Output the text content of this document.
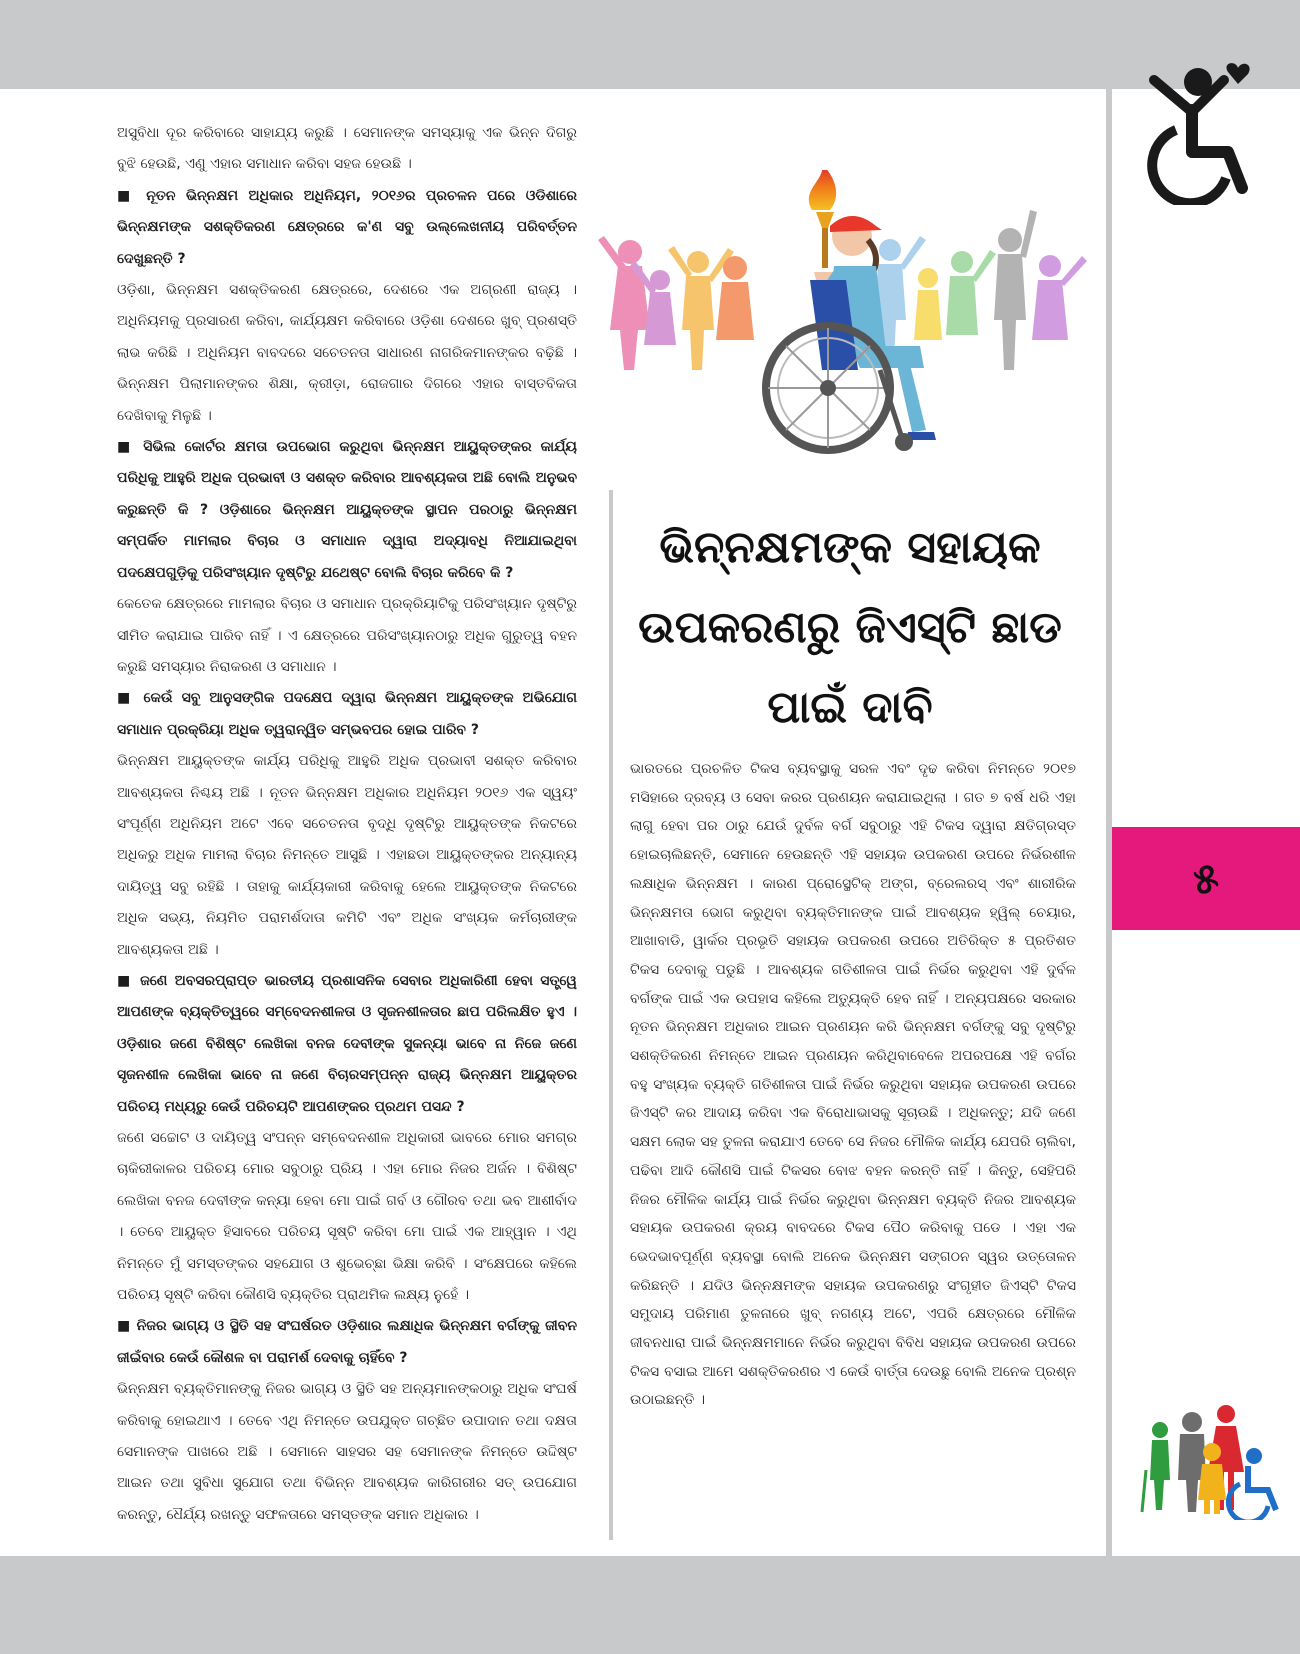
ଅସୁବିଧା ଦୂର କରିବାରେ ସାହାଯ୍ୟ କରୁଛି । ସେମାନଙ୍କ ସମସ୍ୟାକୁ ଏକ ଭିନ୍ନ ଦିଗରୁ ବୁଝି ହେଉଛି, ଏଣୁ ଏହାର ସମାଧାନ କରିବା ସହଜ ହେଉଛି ।

■ ନୂତନ ଭିନ୍ନକ୍ଷମ ଅଧିକାର ଅଧିନିୟମ, ୨୦୧୬ର ପ୍ରଚଳନ ପରେ ଓଡିଶାରେ ଭିନ୍ନକ୍ଷମଙ୍କ ସଶକ୍ତିକରଣ କ୍ଷେତ୍ରରେ କ'ଣ ସବୁ ଉଲ୍ଲେଖନୀୟ ପରିବର୍ତ୍ତନ ଦେଖୁଛନ୍ତି ?

ଓଡ଼ିଶା, ଭିନ୍ନକ୍ଷମ ସଶକ୍ତିକରଣ କ୍ଷେତ୍ରରେ, ଦେଶରେ ଏକ ଅଗ୍ରଣୀ ରାଜ୍ୟ । ଅଧିନିୟମକୁ ପ୍ରସାରଣ କରିବା, କାର୍ଯ୍ୟକ୍ଷମ କରିବାରେ ଓଡ଼ିଶା ଦେଶରେ ଖୁବ୍ ପ୍ରଶସ୍ତି ଲାଭ କରିଛି । ଅଧିନିୟମ ବାବଦରେ ସଚେତନତା ସାଧାରଣ ନାଗରିକମାନଙ୍କର ବଢ଼ିଛି । ଭିନ୍ନକ୍ଷମ ପିଲାମାନଙ୍କର ଶିକ୍ଷା, କ୍ରୀଡ଼ା, ରୋଜଗାର ଦିଗରେ ଏହାର ବାସ୍ତବିକତା ଦେଖିବାକୁ ମିଳୁଛି ।

■ ସିଭିଲ କୋର୍ଟର କ୍ଷମତା ଉପଭୋଗ କରୁଥିବା ଭିନ୍ନକ୍ଷମ ଆୟୁକ୍ତଙ୍କର କାର୍ଯ୍ୟ ପରିଧିକୁ ଆହୁରି ଅଧିକ ପ୍ରଭାବୀ ଓ ସଶକ୍ତ କରିବାର ଆବଶ୍ୟକତା ଅଛି ବୋଲି ଅନୁଭବ କରୁଛନ୍ତି କି ? ଓଡ଼ିଶାରେ ଭିନ୍ନକ୍ଷମ ଆୟୁକ୍ତଙ୍କ ସ୍ଥାପନ ପରଠାରୁ ଭିନ୍ନକ୍ଷମ ସମ୍ପର୍କିତ ମାମଲାର ବିଚାର ଓ ସମାଧାନ ଦ୍ୱାରା ଅଦ୍ୟାବଧି ନିଆଯାଇଥିବା ପଦକ୍ଷେପଗୁଡ଼ିକୁ ପରିସଂଖ୍ୟାନ ଦୃଷ୍ଟିରୁ ଯଥେଷ୍ଟ ବୋଲି ବିଚାର କରିବେ କି ?

କେତେକ କ୍ଷେତ୍ରରେ ମାମଲାର ବିଚାର ଓ ସମାଧାନ ପ୍ରକ୍ରିୟାଟିକୁ ପରିସଂଖ୍ୟାନ ଦୃଷ୍ଟିରୁ ସୀମିତ କରାଯାଇ ପାରିବ ନାହିଁ । ଏ କ୍ଷେତ୍ରରେ ପରିସଂଖ୍ୟାନଠାରୁ ଅଧିକ ଗୁରୁତ୍ୱ ବହନ କରୁଛି ସମସ୍ୟାର ନିରାକରଣ ଓ ସମାଧାନ ।

■ କେଉଁ ସବୁ ଆନୁସଙ୍ଗିକ ପଦକ୍ଷେପ ଦ୍ୱାରା ଭିନ୍ନକ୍ଷମ ଆୟୁକ୍ତଙ୍କ ଅଭିଯୋଗ ସମାଧାନ ପ୍ରକ୍ରିୟା ଅଧିକ ତ୍ୱରାନ୍ୱିତ ସମ୍ଭବପର ହୋଇ ପାରିବ ?

ଭିନ୍ନକ୍ଷମ ଆୟୁକ୍ତଙ୍କ କାର୍ଯ୍ୟ ପରିଧିକୁ ଆହୁରି ଅଧିକ ପ୍ରଭାବୀ ସଶକ୍ତ କରିବାର ଆବଶ୍ୟକତା ନିଶ୍ଚୟ ଅଛି । ନୂତନ ଭିନ୍ନକ୍ଷମ ଅଧିକାର ଅଧିନିୟମ ୨୦୧୬ ଏକ ସ୍ୱୟଂ ସଂପୂର୍ଣ୍ଣ ଅଧିନିୟମ ଅଟେ ଏବେ ସଚେତନତା ବୃଦ୍ଧି ଦୃଷ୍ଟିରୁ ଆୟୁକ୍ତଙ୍କ ନିକଟରେ ଅଧିକରୁ ଅଧିକ ମାମଲା ବିଚାର ନିମନ୍ତେ ଆସୁଛି । ଏହାଛଡା ଆୟୁକ୍ତଙ୍କର ଅନ୍ୟାନ୍ୟ ଦାୟିତ୍ୱ ସବୁ ରହିଛି । ତାହାକୁ କାର୍ଯ୍ୟକାରୀ କରିବାକୁ ହେଲେ ଆୟୁକ୍ତଙ୍କ ନିକଟରେ ଅଧିକ ସଭ୍ୟ, ନିୟମିତ ପରାମର୍ଶଦାତା କମିଟି ଏବଂ ଅଧିକ ସଂଖ୍ୟକ କର୍ମଚାରୀଙ୍କ ଆବଶ୍ୟକତା ଅଛି ।

■ ଜଣେ ଅବସରପ୍ରାପ୍ତ ଭାରତୀୟ ପ୍ରଶାସନିକ ସେବାର ଅଧିକାରିଣୀ ହେବା ସତ୍ତ୍ୱେ ଆପଣଙ୍କ ବ୍ୟକ୍ତିତ୍ୱରେ ସମ୍ବେଦନଶୀଳତା ଓ ସୃଜନଶୀଳତାର ଛାପ ପରିଲକ୍ଷିତ ହୁଏ । ଓଡ଼ିଶାର ଜଣେ ବିଶିଷ୍ଟ ଲେଖିକା ବନଜ ଦେବୀଙ୍କ ସୁକନ୍ୟା ଭାବେ ନା ନିଜେ ଜଣେ ସୃଜନଶୀଳ ଲେଖିକା ଭାବେ ନା ଜଣେ ବିଚାରସମ୍ପନ୍ନ ରାଜ୍ୟ ଭିନ୍ନକ୍ଷମ ଆୟୁକ୍ତର ପରିଚୟ ମଧ୍ୟରୁ କେଉଁ ପରିଚୟଟି ଆପଣଙ୍କର ପ୍ରଥମ ପସନ୍ଦ ?

ଜଣେ ସଚ୍ଚୋଟ ଓ ଦାୟିତ୍ୱ ସଂପନ୍ନ ସମ୍ବେଦନଶୀଳ ଅଧିକାରୀ ଭାବରେ ମୋର ସମଗ୍ର ଚାକିରୀକାଳର ପରିଚୟ ମୋର ସବୁଠାରୁ ପ୍ରିୟ । ଏହା ମୋର ନିଜର ଅର୍ଜନ । ବିଶିଷ୍ଟ ଲେଖିକା ବନଜ ଦେବୀଙ୍କ କନ୍ୟା ହେବା ମୋ ପାଇଁ ଗର୍ବ ଓ ଗୌରବ ତଥା ଭବ ଆଶୀର୍ବାଦ । ତେବେ ଆୟୁକ୍ତ ହିସାବରେ ପରିଚୟ ସୃଷ୍ଟି କରିବା ମୋ ପାଇଁ ଏକ ଆହ୍ୱାନ । ଏଥି ନିମନ୍ତେ ମୁଁ ସମସ୍ତଙ୍କର ସହଯୋଗ ଓ ଶୁଭେଚ୍ଛା ଭିକ୍ଷା କରିବି । ସଂକ୍ଷେପରେ କହିଲେ ପରିଚୟ ସୃଷ୍ଟି କରିବା କୌଣସି ବ୍ୟକ୍ତିର ପ୍ରାଥମିକ ଲକ୍ଷ୍ୟ ନୁହେଁ ।

■ ନିଜର ଭାଗ୍ୟ ଓ ସ୍ଥିତି ସହ ସଂଘର୍ଷରତ ଓଡ଼ିଶାର ଲକ୍ଷାଧିକ ଭିନ୍ନକ୍ଷମ ବର୍ଗଙ୍କୁ ଜୀବନ ଜୀଇଁବାର କେଉଁ କୌଶଳ ବା ପରାମର୍ଶ ଦେବାକୁ ଚାହିଁବେ ?

ଭିନ୍ନକ୍ଷମ ବ୍ୟକ୍ତିମାନଙ୍କୁ ନିଜର ଭାଗ୍ୟ ଓ ସ୍ଥିତି ସହ ଅନ୍ୟମାନଙ୍କଠାରୁ ଅଧିକ ସଂଘର୍ଷ କରିବାକୁ ହୋଇଥାଏ । ତେବେ ଏଥି ନିମନ୍ତେ ଉପଯୁକ୍ତ ଗଚ୍ଛିତ ଉପାଦାନ ତଥା ଦକ୍ଷତା ସେମାନଙ୍କ ପାଖରେ ଅଛି । ସେମାନେ ସାହସର ସହ ସେମାନଙ୍କ ନିମନ୍ତେ ଉଦ୍ଦିଷ୍ଟ ଆଇନ ତଥା ସୁବିଧା ସୁଯୋଗ ତଥା ବିଭିନ୍ନ ଆବଶ୍ୟକ କାରିଗରୀର ସତ୍ ଉପଯୋଗ କରନ୍ତୁ, ଧୈର୍ଯ୍ୟ ରଖନ୍ତୁ ସଫଳତାରେ ସମସ୍ତଙ୍କ ସମାନ ଅଧିକାର ।

ଭିନ୍ନକ୍ଷମଙ୍କ ସହାୟକ ଉପକରଣରୁ ଜିଏସ୍‌ଟି ଛାଡ ପାଇଁ ଦାବି

ଭାରତରେ ପ୍ରଚଳିତ ଟିକସ ବ୍ୟବସ୍ଥାକୁ ସରଳ ଏବଂ ଦୃଢ କରିବା ନିମନ୍ତେ ୨୦୧୭ ମସିହାରେ ଦ୍ରବ୍ୟ ଓ ସେବା କରର ପ୍ରଣୟନ କରାଯାଇଥିଲା । ଗତ ୭ ବର୍ଷ ଧରି ଏହା ଲାଗୁ ହେବା ପର ଠାରୁ ଯେଉଁ ଦୁର୍ବଳ ବର୍ଗ ସବୁଠାରୁ ଏହି ଟିକସ ଦ୍ୱାରା କ୍ଷତିଗ୍ରସ୍ତ ହୋଇଚାଲିଛନ୍ତି, ସେମାନେ ହେଉଛନ୍ତି ଏହି ସହାୟକ ଉପକରଣ ଉପରେ ନିର୍ଭରଶୀଳ ଲକ୍ଷାଧିକ ଭିନ୍ନକ୍ଷମ । କାରଣ ପ୍ରୋସ୍ଥେଟିକ୍ ଅଙ୍ଗ, ବ୍ରେଲରସ୍ ଏବଂ ଶାରୀରିକ ଭିନ୍ନକ୍ଷମତା ଭୋଗ କରୁଥିବା ବ୍ୟକ୍ତିମାନଙ୍କ ପାଇଁ ଆବଶ୍ୟକ ହ୍ୱିଲ୍ ଚେୟାର, ଆଖାବାଡି, ୱାର୍କର ପ୍ରଭୃତି ସହାୟକ ଉପକରଣ ଉପରେ ଅତିରିକ୍ତ ୫ ପ୍ରତିଶତ ଟିକସ ଦେବାକୁ ପଡୁଛି । ଆବଶ୍ୟକ ଗତିଶୀଳତା ପାଇଁ ନିର୍ଭର କରୁଥିବା ଏହି ଦୁର୍ବଳ ବର୍ଗଙ୍କ ପାଇଁ ଏକ ଉପହାସ କହିଲେ ଅତ୍ୟୁକ୍ତି ହେବ ନାହିଁ । ଅନ୍ୟପକ୍ଷରେ ସରକାର ନୂତନ ଭିନ୍ନକ୍ଷମ ଅଧିକାର ଆଇନ ପ୍ରଣୟନ କରି ଭିନ୍ନକ୍ଷମ ବର୍ଗଙ୍କୁ ସବୁ ଦୃଷ୍ଟିରୁ ସଶକ୍ତିକରଣ ନିମନ୍ତେ ଆଇନ ପ୍ରଣୟନ କରିଥିବାବେଳେ ଅପରପକ୍ଷେ ଏହି ବର୍ଗର ବହୁ ସଂଖ୍ୟକ ବ୍ୟକ୍ତି ଗତିଶୀଳତା ପାଇଁ ନିର୍ଭର କରୁଥିବା ସହାୟକ ଉପକରଣ ଉପରେ ଜିଏସ୍‌ଟି କର ଆଦାୟ କରିବା ଏକ ବିରୋଧାଭାସକୁ ସୂଚାଉଛି । ଅଧିକନ୍ତୁ; ଯଦି ଜଣେ ସକ୍ଷମ ଲୋକ ସହ ତୁଳନା କରାଯାଏ ତେବେ ସେ ନିଜର ମୌଳିକ କାର୍ଯ୍ୟ ଯେପରି ଚାଲିବା, ପଢିବା ଆଦି କୌଣସି ପାଇଁ ଟିକସର ବୋଝ ବହନ କରନ୍ତି ନାହିଁ । କିନ୍ତୁ, ସେହିପରି ନିଜର ମୌଳିକ କାର୍ଯ୍ୟ ପାଇଁ ନିର୍ଭର କରୁଥିବା ଭିନ୍ନକ୍ଷମ ବ୍ୟକ୍ତି ନିଜର ଆବଶ୍ୟକ ସହାୟକ ଉପକରଣ କ୍ରୟ ବାବଦରେ ଟିକସ ପୈଠ କରିବାକୁ ପଡେ । ଏହା ଏକ ଭେଦଭାବପୂର୍ଣ୍ଣ ବ୍ୟବସ୍ଥା ବୋଲି ଅନେକ ଭିନ୍ନକ୍ଷମ ସଙ୍ଗଠନ ସ୍ୱର ଉତ୍ତୋଳନ କରିଛନ୍ତି । ଯଦିଓ ଭିନ୍ନକ୍ଷମଙ୍କ ସହାୟକ ଉପକରଣରୁ ସଂଗୃହୀତ ଜିଏସ୍‌ଟି ଟିକସ ସମୁଦାୟ ପରିମାଣ ତୁଳନାରେ ଖୁବ୍ ନଗଣ୍ୟ ଅଟେ, ଏପରି କ୍ଷେତ୍ରରେ ମୌଳିକ ଜୀବନଧାରା ପାଇଁ ଭିନ୍ନକ୍ଷମମାନେ ନିର୍ଭର କରୁଥିବା ବିବିଧ ସହାୟକ ଉପକରଣ ଉପରେ ଟିକସ ବସାଇ ଆମେ ସଶକ୍ତିକରଣର ଏ କେଉଁ ବାର୍ତ୍ତା ଦେଉଛୁ ବୋଲି ଅନେକ ପ୍ରଶ୍ନ ଉଠାଇଛନ୍ତି ।

୫
